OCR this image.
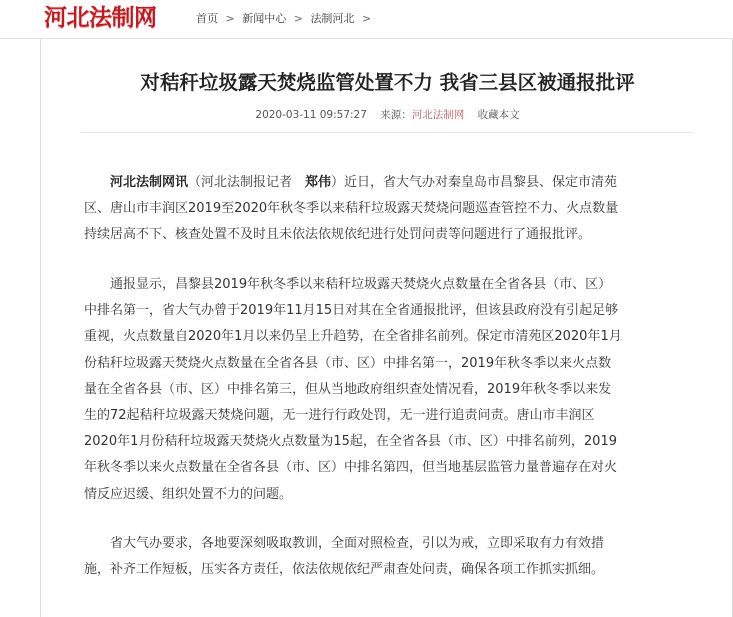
河北法制网	首页 > 新闻中心 > 法制河北 >
对秸秆垃圾露天焚烧监管处置不力 我省三县区被通报批评
2020-03-11 09:57:27 来源：河北法制网 收藏本文
河北法制网讯（河北法制报记者　郑伟）近日，省大气办对秦皇岛市昌黎县、保定市清苑
区、唐山市丰润区2019至2020年秋冬季以来秸秆垃圾露天焚烧问题巡查管控不力、火点数量
持续居高不下、核查处置不及时且未依法依规依纪进行处罚问责等问题进行了通报批评。
通报显示，昌黎县2019年秋冬季以来秸秆垃圾露天焚烧火点数量在全省各县（市、区）
中排名第一，省大气办曾于2019年11月15日对其在全省通报批评，但该县政府没有引起足够
重视，火点数量自2020年1月以来仍呈上升趋势，在全省排名前列。保定市清苑区2020年1月
份秸秆垃圾露天焚烧火点数量在全省各县（市、区）中排名第一，2019年秋冬季以来火点数
量在全省各县（市、区）中排名第三，但从当地政府组织查处情况看，2019年秋冬季以来发
生的72起秸秆垃圾露天焚烧问题，无一进行行政处罚，无一进行追责问责。唐山市丰润区
2020年1月份秸秆垃圾露天焚烧火点数量为15起，在全省各县（市、区）中排名前列，2019
年秋冬季以来火点数量在全省各县（市、区）中排名第四，但当地基层监管力量普遍存在对火
情反应迟缓、组织处置不力的问题。
省大气办要求，各地要深刻吸取教训，全面对照检查，引以为戒，立即采取有力有效措
施，补齐工作短板，压实各方责任，依法依规依纪严肃查处问责，确保各项工作抓实抓细。
